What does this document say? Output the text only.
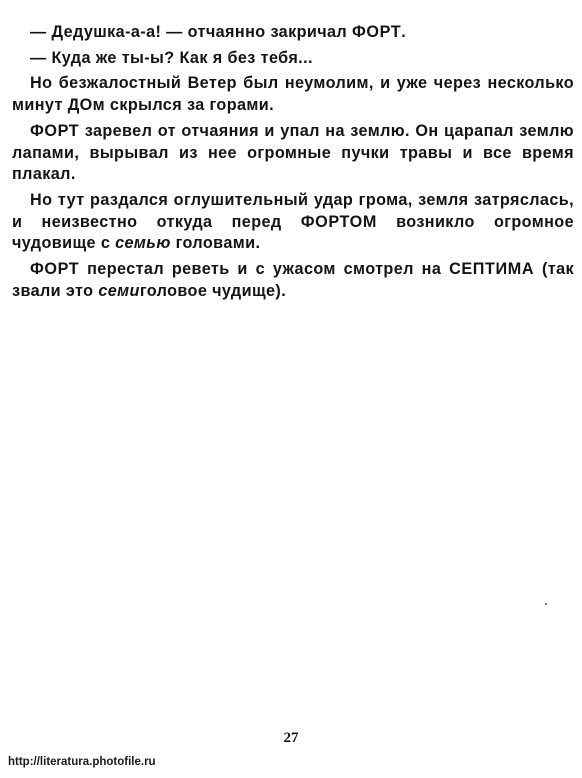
— Дедушка-а-а! — отчаянно закричал ФОРТ.

— Куда же ты-ы? Как я без тебя...

Но безжалостный Ветер был неумолим, и уже через несколько минут ДОм скрылся за горами.

ФОРТ заревел от отчаяния и упал на землю. Он царапал землю лапами, вырывал из нее огромные пучки травы и все время плакал.

Но тут раздался оглушительный удар грома, земля затряслась, и неизвестно откуда перед ФОРТОМ возникло огромное чудовище с семью головами.

ФОРТ перестал реветь и с ужасом смотрел на СЕПТИМА (так звали это семиголовое чудище).

27
http://literatura.photofile.ru
